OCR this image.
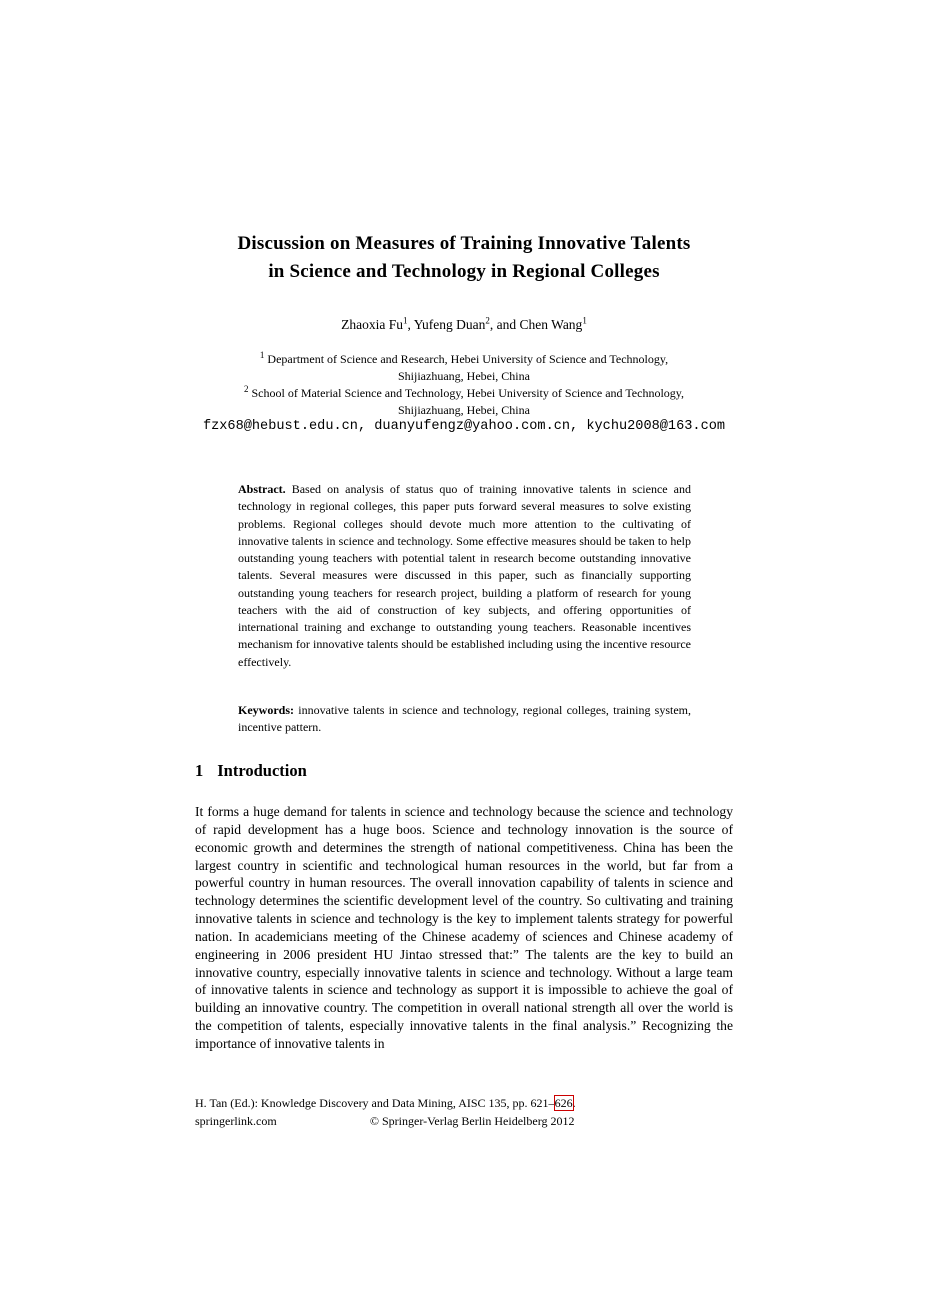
Discussion on Measures of Training Innovative Talents
in Science and Technology in Regional Colleges
Zhaoxia Fu$^1$, Yufeng Duan$^2$, and Chen Wang$^1$
$^1$ Department of Science and Research, Hebei University of Science and Technology,
Shijiazhuang, Hebei, China
$^2$ School of Material Science and Technology, Hebei University of Science and Technology,
Shijiazhuang, Hebei, China
fzx68@hebust.edu.cn, duanyufengz@yahoo.com.cn, kychu2008@163.com
Abstract. Based on analysis of status quo of training innovative talents in science and technology in regional colleges, this paper puts forward several measures to solve existing problems. Regional colleges should devote much more attention to the cultivating of innovative talents in science and technology. Some effective measures should be taken to help outstanding young teachers with potential talent in research become outstanding innovative talents. Several measures were discussed in this paper, such as financially supporting outstanding young teachers for research project, building a platform of research for young teachers with the aid of construction of key subjects, and offering opportunities of international training and exchange to outstanding young teachers. Reasonable incentives mechanism for innovative talents should be established including using the incentive resource effectively.
Keywords: innovative talents in science and technology, regional colleges, training system, incentive pattern.
1 Introduction
It forms a huge demand for talents in science and technology because the science and technology of rapid development has a huge boos. Science and technology innovation is the source of economic growth and determines the strength of national competitiveness. China has been the largest country in scientific and technological human resources in the world, but far from a powerful country in human resources. The overall innovation capability of talents in science and technology determines the scientific development level of the country. So cultivating and training innovative talents in science and technology is the key to implement talents strategy for powerful nation. In academicians meeting of the Chinese academy of sciences and Chinese academy of engineering in 2006 president HU Jintao stressed that:” The talents are the key to build an innovative country, especially innovative talents in science and technology. Without a large team of innovative talents in science and technology as support it is impossible to achieve the goal of building an innovative country. The competition in overall national strength all over the world is the competition of talents, especially innovative talents in the final analysis.” Recognizing the importance of innovative talents in
H. Tan (Ed.): Knowledge Discovery and Data Mining, AISC 135, pp. 621–626.
springerlink.com	© Springer-Verlag Berlin Heidelberg 2012
